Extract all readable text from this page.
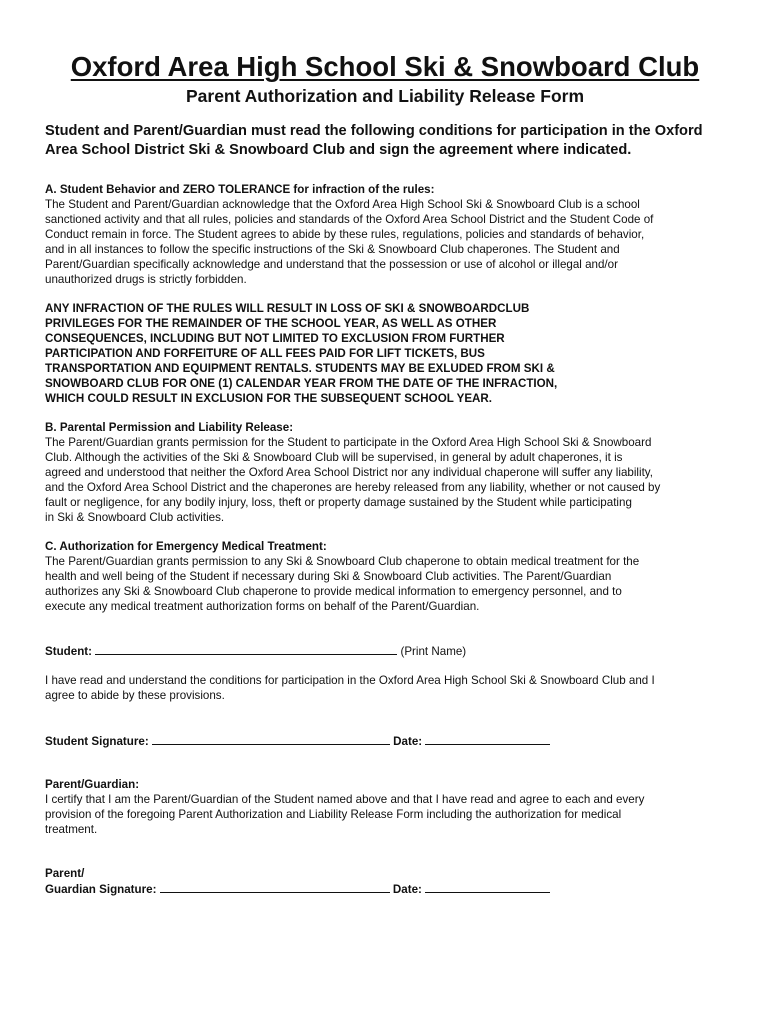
Oxford Area High School Ski & Snowboard Club
Parent Authorization and Liability Release Form

Student and Parent/Guardian must read the following conditions for participation in the Oxford Area School District Ski & Snowboard Club and sign the agreement where indicated.

A. Student Behavior and ZERO TOLERANCE for infraction of the rules:

The Student and Parent/Guardian acknowledge that the Oxford Area High School Ski & Snowboard Club is a school

sanctioned activity and that all rules, policies and standards of the Oxford Area School District and the Student Code of

Conduct remain in force. The Student agrees to abide by these rules, regulations, policies and standards of behavior,

and in all instances to follow the specific instructions of the Ski & Snowboard Club chaperones. The Student and

Parent/Guardian specifically acknowledge and understand that the possession or use of alcohol or illegal and/or

unauthorized drugs is strictly forbidden.

ANY INFRACTION OF THE RULES WILL RESULT IN LOSS OF SKI & SNOWBOARDCLUB

PRIVILEGES FOR THE REMAINDER OF THE SCHOOL YEAR, AS WELL AS OTHER

CONSEQUENCES, INCLUDING BUT NOT LIMITED TO EXCLUSION FROM FURTHER

PARTICIPATION AND FORFEITURE OF ALL FEES PAID FOR LIFT TICKETS, BUS

TRANSPORTATION AND EQUIPMENT RENTALS. STUDENTS MAY BE EXLUDED FROM SKI &

SNOWBOARD CLUB FOR ONE (1) CALENDAR YEAR FROM THE DATE OF THE INFRACTION,

WHICH COULD RESULT IN EXCLUSION FOR THE SUBSEQUENT SCHOOL YEAR.

B. Parental Permission and Liability Release:

The Parent/Guardian grants permission for the Student to participate in the Oxford Area High School Ski & Snowboard

Club. Although the activities of the Ski & Snowboard Club will be supervised, in general by adult chaperones, it is

agreed and understood that neither the Oxford Area School District nor any individual chaperone will suffer any liability,

and the Oxford Area School District and the chaperones are hereby released from any liability, whether or not caused by

fault or negligence, for any bodily injury, loss, theft or property damage sustained by the Student while participating

in Ski & Snowboard Club activities.

C. Authorization for Emergency Medical Treatment:

The Parent/Guardian grants permission to any Ski & Snowboard Club chaperone to obtain medical treatment for the

health and well being of the Student if necessary during Ski & Snowboard Club activities. The Parent/Guardian

authorizes any Ski & Snowboard Club chaperone to provide medical information to emergency personnel, and to

execute any medical treatment authorization forms on behalf of the Parent/Guardian.

Student:	(Print Name)

I have read and understand the conditions for participation in the Oxford Area High School Ski & Snowboard Club and I

agree to abide by these provisions.

Student Signature:	Date:

Parent/Guardian:

I certify that I am the Parent/Guardian of the Student named above and that I have read and agree to each and every

provision of the foregoing Parent Authorization and Liability Release Form including the authorization for medical

treatment.

Parent/
Guardian Signature:	Date:
